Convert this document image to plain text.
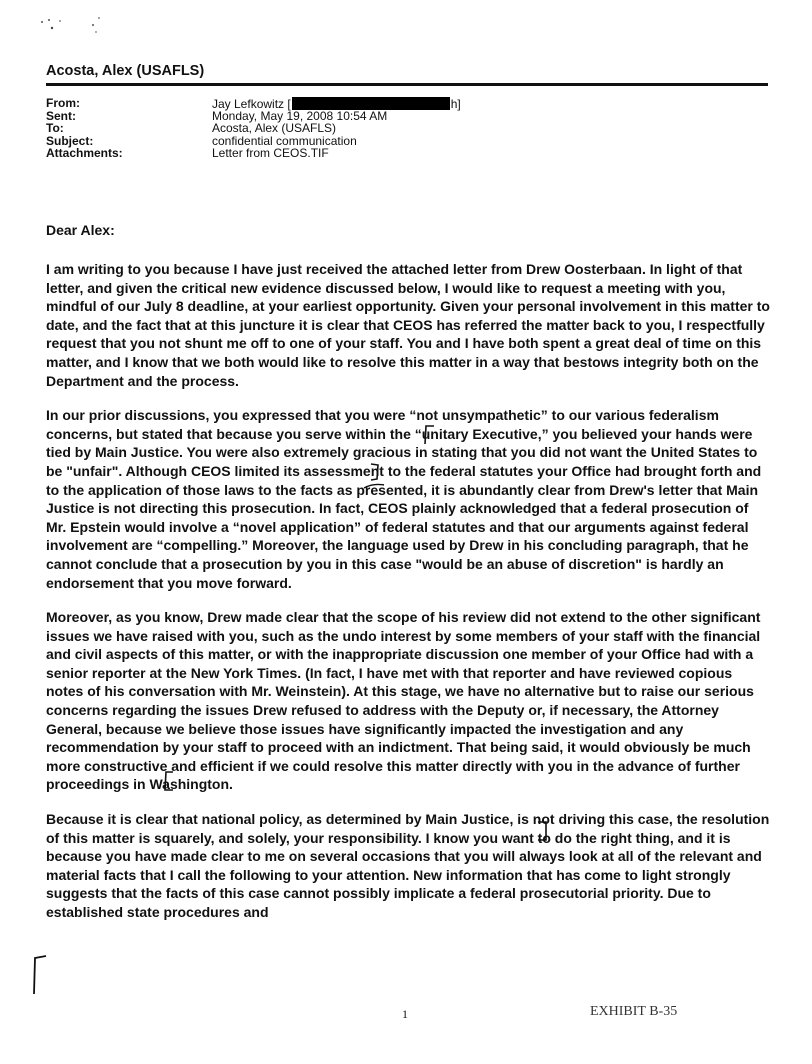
Acosta, Alex (USAFLS)
From:	Jay Lefkowitz [	h]
Sent:	Monday, May 19, 2008 10:54 AM
To:	Acosta, Alex (USAFLS)
Subject:	confidential communication
Attachments:	Letter from CEOS.TIF
Dear Alex:

I am writing to you because I have just received the attached letter from Drew Oosterbaan. In light of that letter, and given the critical new evidence discussed below, I would like to request a meeting with you, mindful of our July 8 deadline, at your earliest opportunity. Given your personal involvement in this matter to date, and the fact that at this juncture it is clear that CEOS has referred the matter back to you, I respectfully request that you not shunt me off to one of your staff. You and I have both spent a great deal of time on this matter, and I know that we both would like to resolve this matter in a way that bestows integrity both on the Department and the process.

In our prior discussions, you expressed that you were “not unsympathetic” to our various federalism concerns, but stated that because you serve within the “unitary Executive,” you believed your hands were tied by Main Justice. You were also extremely gracious in stating that you did not want the United States to be "unfair". Although CEOS limited its assessment to the federal statutes your Office had brought forth and to the application of those laws to the facts as presented, it is abundantly clear from Drew's letter that Main Justice is not directing this prosecution. In fact, CEOS plainly acknowledged that a federal prosecution of Mr. Epstein would involve a “novel application” of federal statutes and that our arguments against federal involvement are “compelling.” Moreover, the language used by Drew in his concluding paragraph, that he cannot conclude that a prosecution by you in this case "would be an abuse of discretion" is hardly an endorsement that you move forward.

Moreover, as you know, Drew made clear that the scope of his review did not extend to the other significant issues we have raised with you, such as the undo interest by some members of your staff with the financial and civil aspects of this matter, or with the inappropriate discussion one member of your Office had with a senior reporter at the New York Times. (In fact, I have met with that reporter and have reviewed copious notes of his conversation with Mr. Weinstein). At this stage, we have no alternative but to raise our serious concerns regarding the issues Drew refused to address with the Deputy or, if necessary, the Attorney General, because we believe those issues have significantly impacted the investigation and any recommendation by your staff to proceed with an indictment. That being said, it would obviously be much more constructive and efficient if we could resolve this matter directly with you in the advance of further proceedings in Washington.

Because it is clear that national policy, as determined by Main Justice, is not driving this case, the resolution of this matter is squarely, and solely, your responsibility. I know you want to do the right thing, and it is because you have made clear to me on several occasions that you will always look at all of the relevant and material facts that I call the following to your attention. New information that has come to light strongly suggests that the facts of this case cannot possibly implicate a federal prosecutorial priority. Due to established state procedures and

1	EXHIBIT B-35
